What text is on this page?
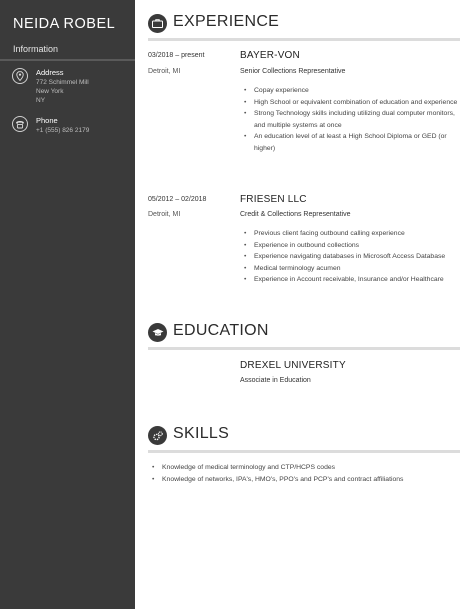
NEIDA ROBEL
Information
Address
772 Schimmel Mill
New York
NY
Phone
+1 (555) 826 2179
EXPERIENCE
03/2018 – present
Detroit, MI
BAYER-VON
Senior Collections Representative
• Copay experience
• High School or equivalent combination of education and experience
• Strong Technology skills including utilizing dual computer monitors, and multiple systems at once
• An education level of at least a High School Diploma or GED (or higher)
05/2012 – 02/2018
Detroit, MI
FRIESEN LLC
Credit & Collections Representative
• Previous client facing outbound calling experience
• Experience in outbound collections
• Experience navigating databases in Microsoft Access Database
• Medical terminology acumen
• Experience in Account receivable, Insurance and/or Healthcare
EDUCATION
DREXEL UNIVERSITY
Associate in Education
SKILLS
• Knowledge of medical terminology and CTP/HCPS codes
• Knowledge of networks, IPA's, HMO's, PPO's and PCP's and contract affiliations
